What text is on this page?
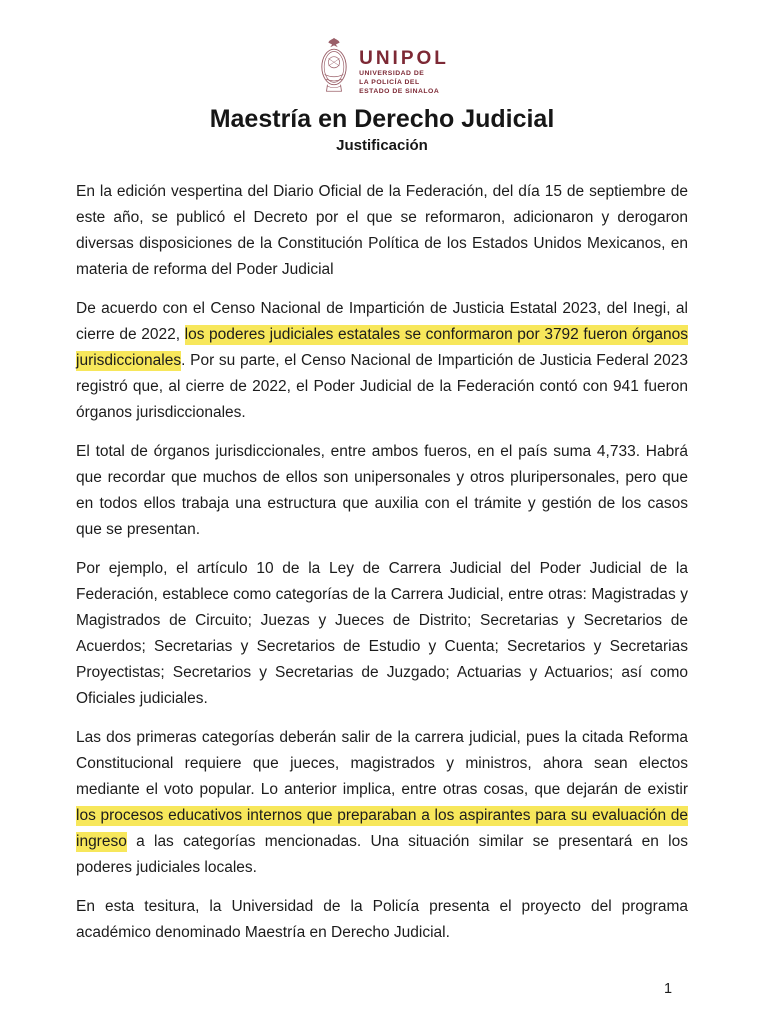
UNIPOL
UNIVERSIDAD DE
LA POLICÍA DEL
ESTADO DE SINALOA
Maestría en Derecho Judicial
Justificación

En la edición vespertina del Diario Oficial de la Federación, del día 15 de septiembre de este año, se publicó el Decreto por el que se reformaron, adicionaron y derogaron diversas disposiciones de la Constitución Política de los Estados Unidos Mexicanos, en materia de reforma del Poder Judicial

De acuerdo con el Censo Nacional de Impartición de Justicia Estatal 2023, del Inegi, al cierre de 2022, los poderes judiciales estatales se conformaron por 3792 fueron órganos jurisdiccionales. Por su parte, el Censo Nacional de Impartición de Justicia Federal 2023 registró que, al cierre de 2022, el Poder Judicial de la Federación contó con 941 fueron órganos jurisdiccionales.

El total de órganos jurisdiccionales, entre ambos fueros, en el país suma 4,733. Habrá que recordar que muchos de ellos son unipersonales y otros pluripersonales, pero que en todos ellos trabaja una estructura que auxilia con el trámite y gestión de los casos que se presentan.

Por ejemplo, el artículo 10 de la Ley de Carrera Judicial del Poder Judicial de la Federación, establece como categorías de la Carrera Judicial, entre otras: Magistradas y Magistrados de Circuito; Juezas y Jueces de Distrito; Secretarias y Secretarios de Acuerdos; Secretarias y Secretarios de Estudio y Cuenta; Secretarios y Secretarias Proyectistas; Secretarios y Secretarias de Juzgado; Actuarias y Actuarios; así como Oficiales judiciales.

Las dos primeras categorías deberán salir de la carrera judicial, pues la citada Reforma Constitucional requiere que jueces, magistrados y ministros, ahora sean electos mediante el voto popular. Lo anterior implica, entre otras cosas, que dejarán de existir los procesos educativos internos que preparaban a los aspirantes para su evaluación de ingreso a las categorías mencionadas. Una situación similar se presentará en los poderes judiciales locales.

En esta tesitura, la Universidad de la Policía presenta el proyecto del programa académico denominado Maestría en Derecho Judicial.

1
